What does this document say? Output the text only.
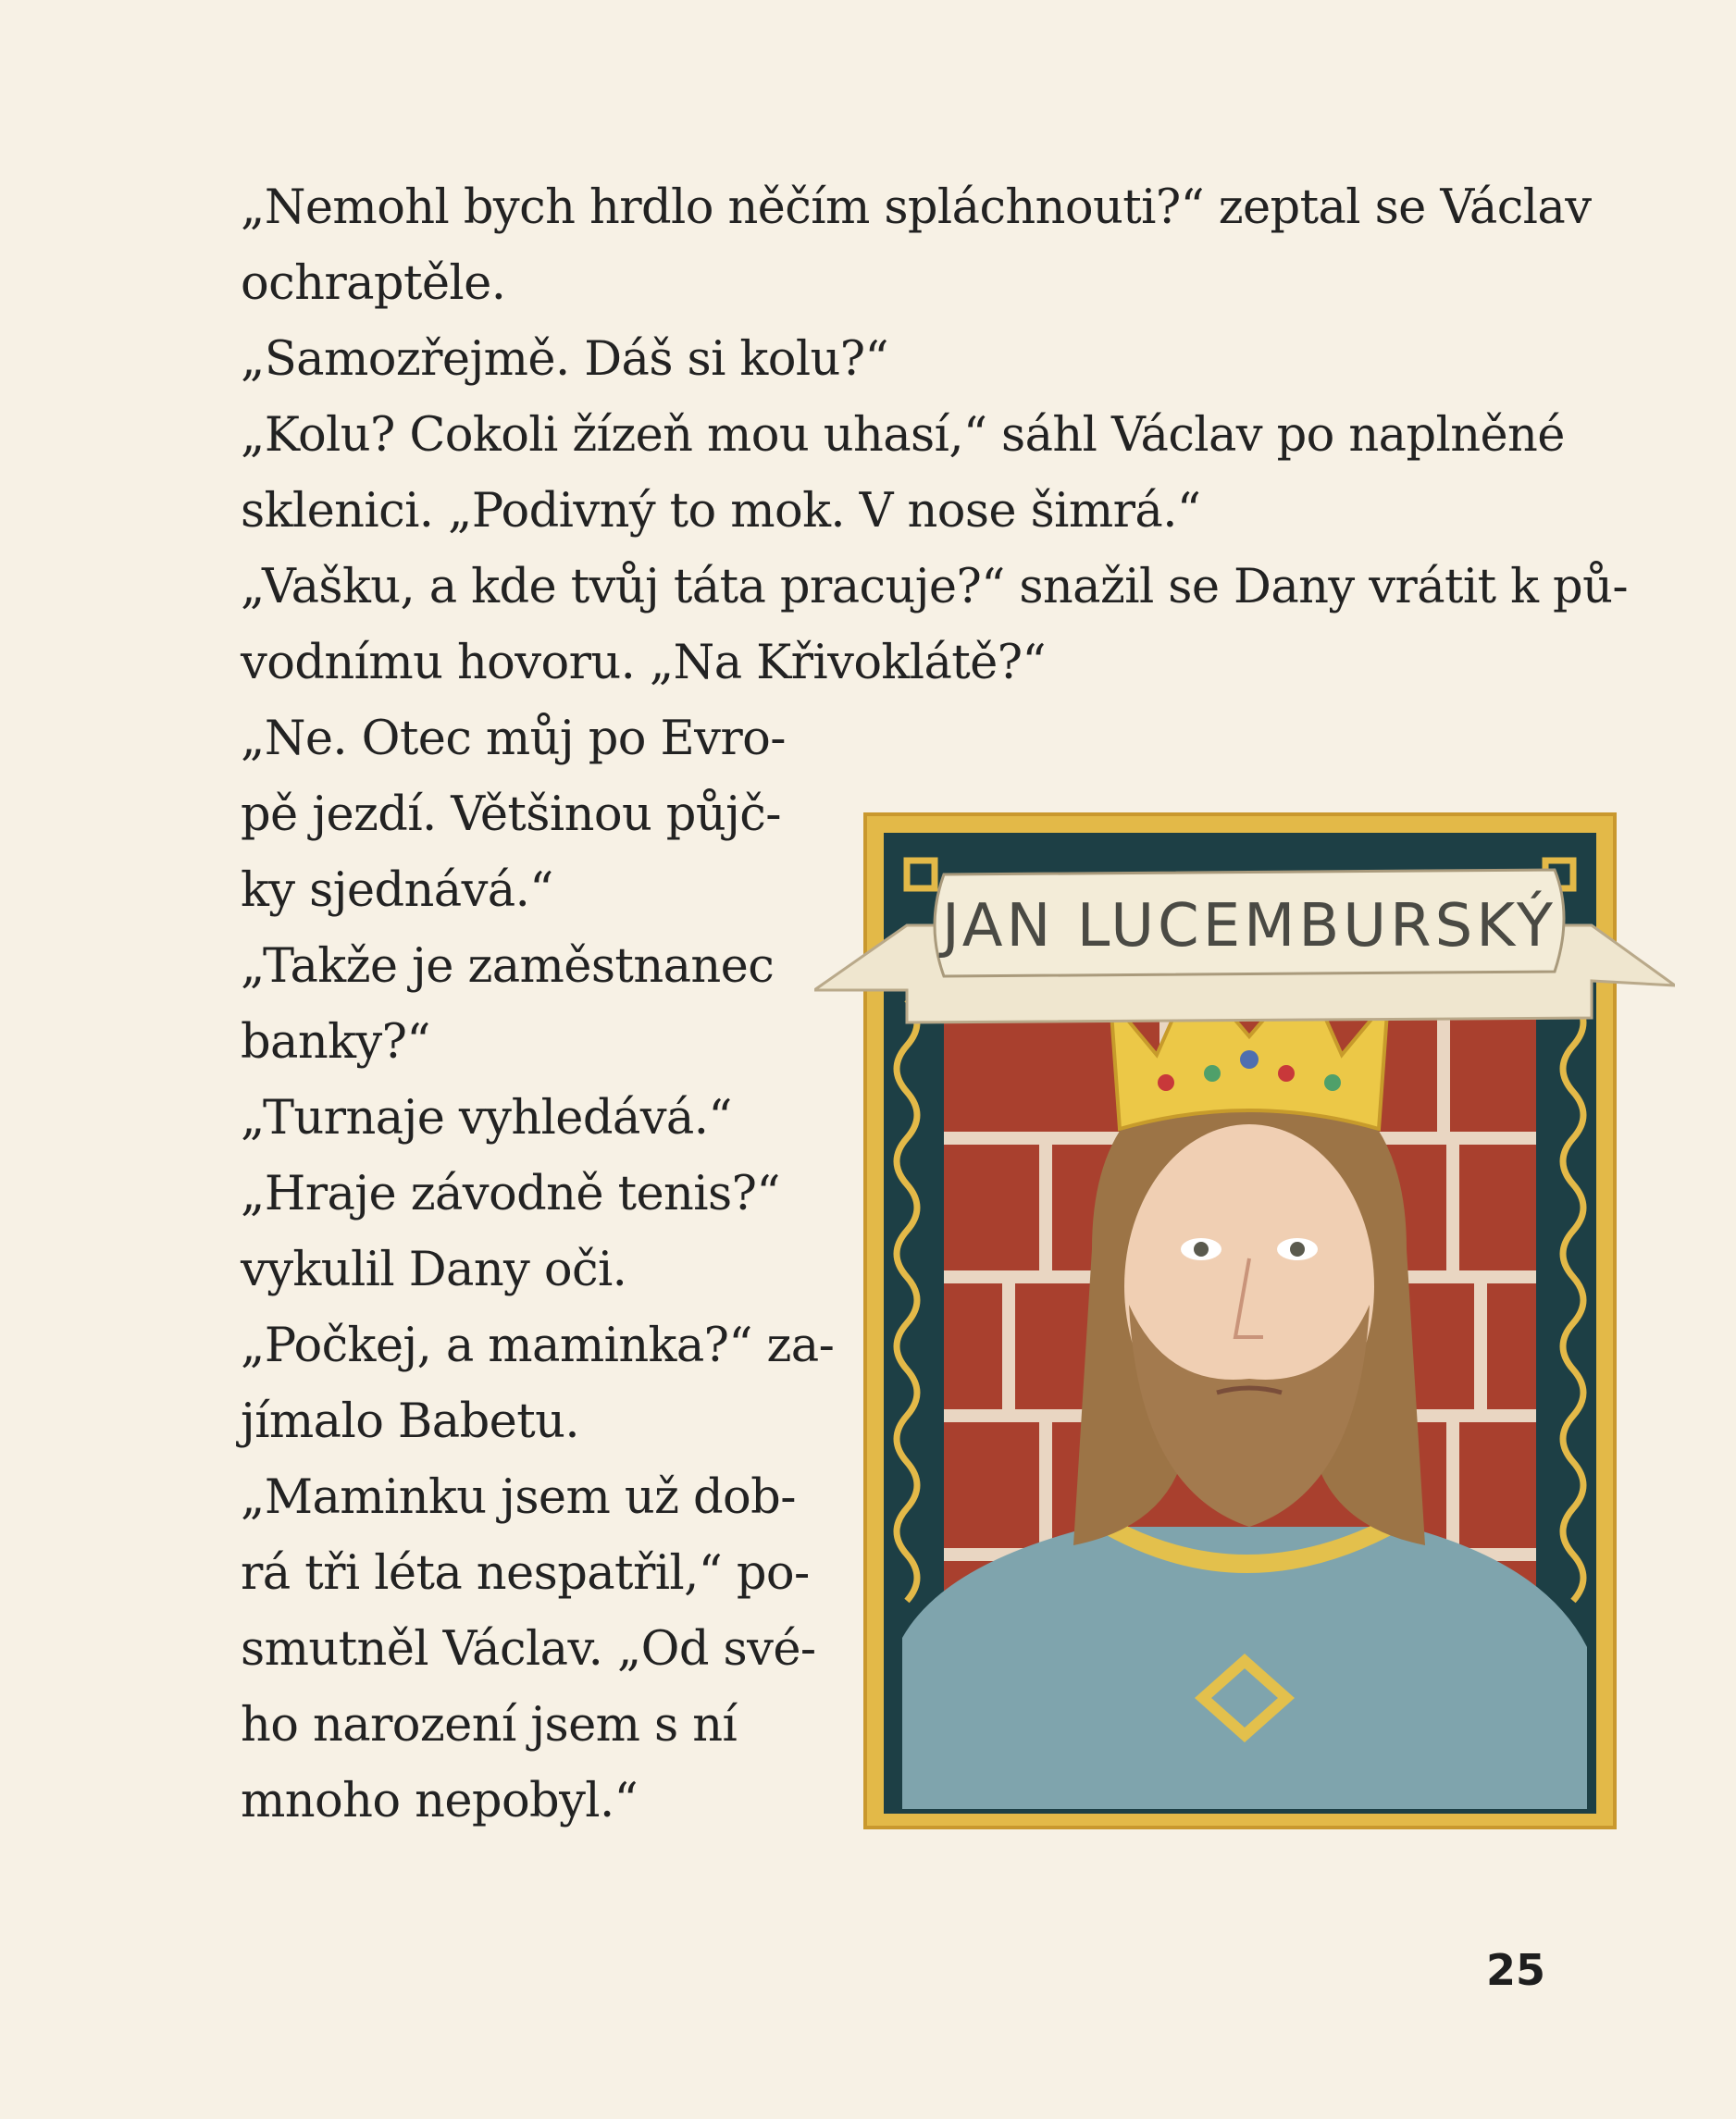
„Nemohl bych hrdlo něčím spláchnouti?“ zeptal se Václav
ochraptěle.
„Samozřejmě. Dáš si kolu?“
„Kolu? Cokoli žízeň mou uhasí,“ sáhl Václav po naplněné
sklenici. „Podivný to mok. V nose šimrá.“
„Vašku, a kde tvůj táta pracuje?“ snažil se Dany vrátit k pů-
vodnímu hovoru. „Na Křivoklátě?“
„Ne. Otec můj po Evro-
pě jezdí. Většinou půjč-
ky sjednává.“
„Takže je zaměstnanec
banky?“
„Turnaje vyhledává.“
„Hraje závodně tenis?“
vykulil Dany oči.
„Počkej, a maminka?“ za-
jímalo Babetu.
„Maminku jsem už dob-
rá tři léta nespatřil,“ po-
smutněl Václav. „Od své-
ho narození jsem s ní
mnoho nepobyl.“
JAN LUCEMBURSKÝ
25
